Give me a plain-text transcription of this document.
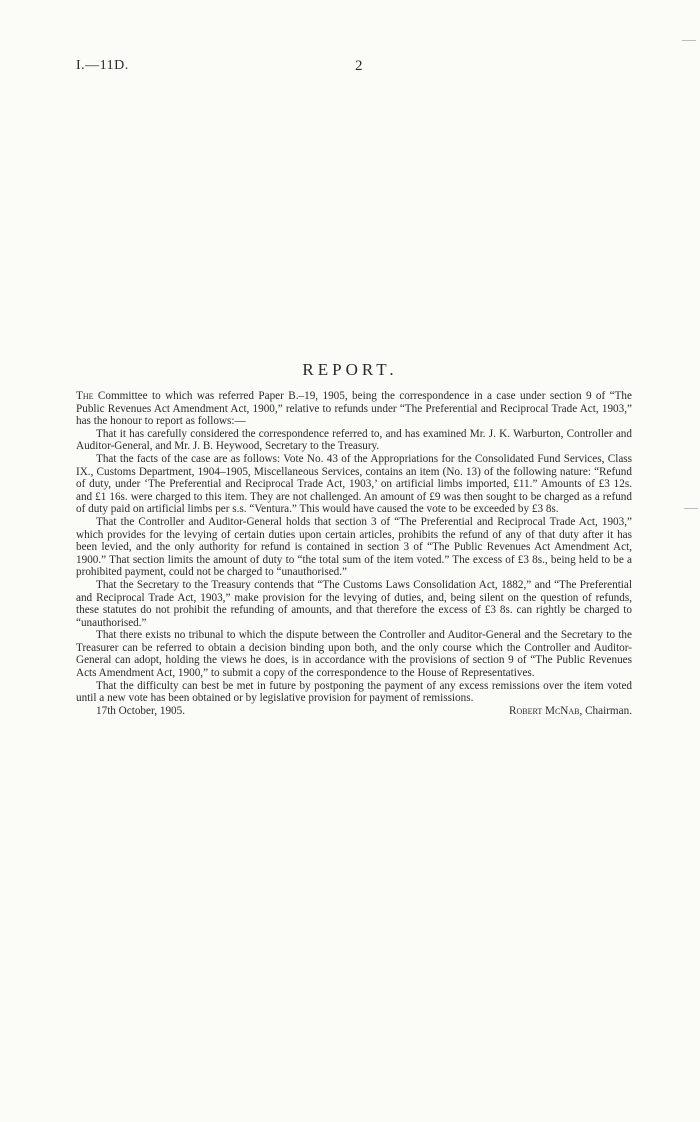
I.—11D.	2
REPORT.

The Committee to which was referred Paper B.–19, 1905, being the correspondence in a case under section 9 of “The Public Revenues Act Amendment Act, 1900,” relative to refunds under “The Preferential and Reciprocal Trade Act, 1903,” has the honour to report as follows:—

That it has carefully considered the correspondence referred to, and has examined Mr. J. K. Warburton, Controller and Auditor-General, and Mr. J. B. Heywood, Secretary to the Treasury.

That the facts of the case are as follows: Vote No. 43 of the Appropriations for the Consolidated Fund Services, Class IX., Customs Department, 1904–1905, Miscellaneous Services, contains an item (No. 13) of the following nature: “Refund of duty, under ‘The Preferential and Reciprocal Trade Act, 1903,’ on artificial limbs imported, £11.” Amounts of £3 12s. and £1 16s. were charged to this item. They are not challenged. An amount of £9 was then sought to be charged as a refund of duty paid on artificial limbs per s.s. “Ventura.” This would have caused the vote to be exceeded by £3 8s.

That the Controller and Auditor-General holds that section 3 of “The Preferential and Reciprocal Trade Act, 1903,” which provides for the levying of certain duties upon certain articles, prohibits the refund of any of that duty after it has been levied, and the only authority for refund is contained in section 3 of “The Public Revenues Act Amendment Act, 1900.” That section limits the amount of duty to “the total sum of the item voted.” The excess of £3 8s., being held to be a prohibited payment, could not be charged to “unauthorised.”

That the Secretary to the Treasury contends that “The Customs Laws Consolidation Act, 1882,” and “The Preferential and Reciprocal Trade Act, 1903,” make provision for the levying of duties, and, being silent on the question of refunds, these statutes do not prohibit the refunding of amounts, and that therefore the excess of £3 8s. can rightly be charged to “unauthorised.”

That there exists no tribunal to which the dispute between the Controller and Auditor-General and the Secretary to the Treasurer can be referred to obtain a decision binding upon both, and the only course which the Controller and Auditor-General can adopt, holding the views he does, is in accordance with the provisions of section 9 of “The Public Revenues Acts Amendment Act, 1900,” to submit a copy of the correspondence to the House of Representatives.

That the difficulty can best be met in future by postponing the payment of any excess remissions over the item voted until a new vote has been obtained or by legislative provision for payment of remissions.

17th October, 1905.	Robert McNab, Chairman.
